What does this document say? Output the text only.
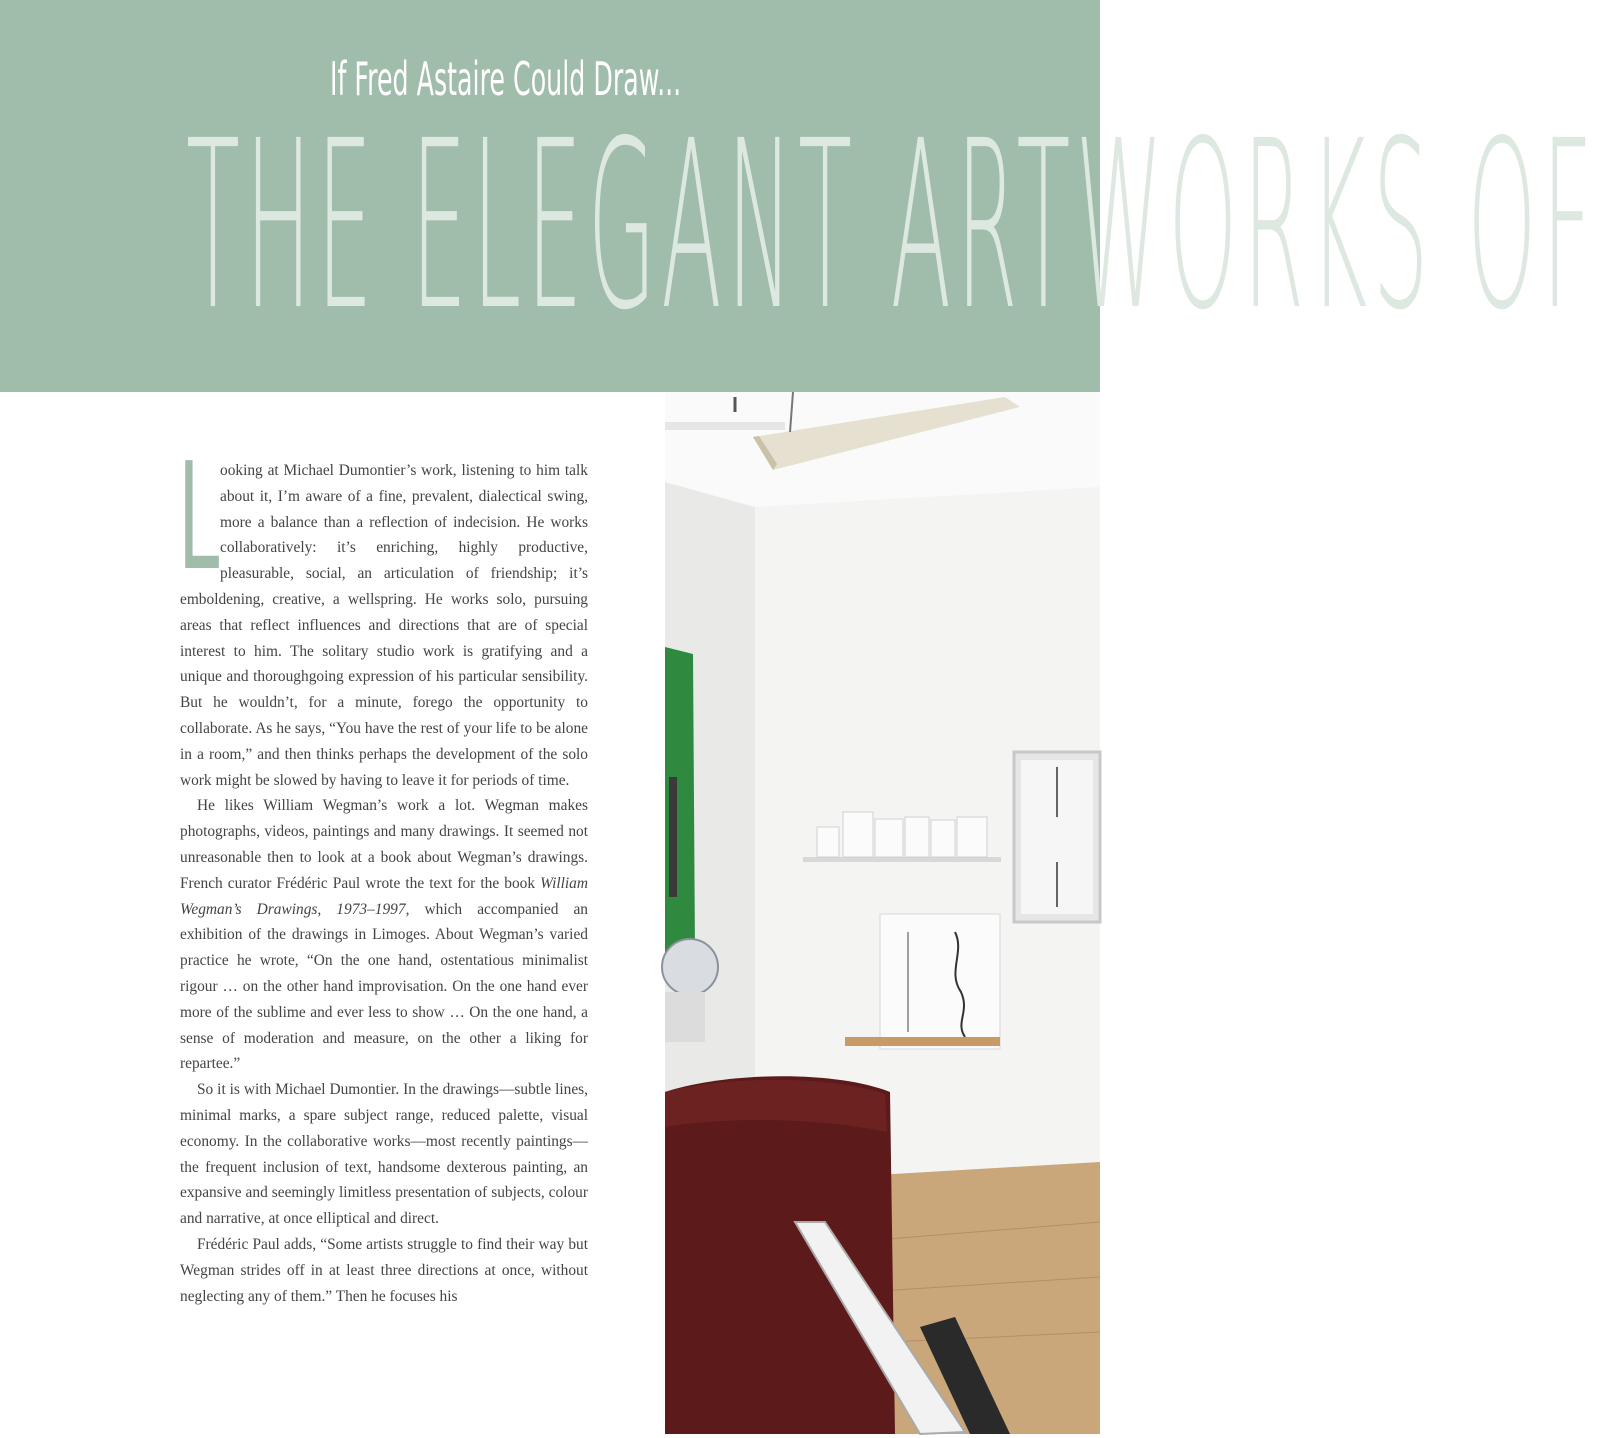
If Fred Astaire Could Draw...
THE ELEGANT ARTWORKS OF

Looking at Michael Dumontier’s work, listening to him talk about it, I’m aware of a fine, prevalent, dialectical swing, more a balance than a reflection of indecision. He works collaboratively: it’s enriching, highly productive, pleasurable, social, an articulation of friendship; it’s emboldening, creative, a wellspring. He works solo, pursuing areas that reflect influences and directions that are of special interest to him. The solitary studio work is gratifying and a unique and thoroughgoing expression of his particular sensibility. But he wouldn’t, for a minute, forego the opportunity to collaborate. As he says, “You have the rest of your life to be alone in a room,” and then thinks perhaps the development of the solo work might be slowed by having to leave it for periods of time.

He likes William Wegman’s work a lot. Wegman makes photographs, videos, paintings and many drawings. It seemed not unreasonable then to look at a book about Wegman’s drawings. French curator Frédéric Paul wrote the text for the book William Wegman’s Drawings, 1973–1997, which accompanied an exhibition of the drawings in Limoges. About Wegman’s varied practice he wrote, “On the one hand, ostentatious minimalist rigour … on the other hand improvisation. On the one hand ever more of the sublime and ever less to show … On the one hand, a sense of moderation and measure, on the other a liking for repartee.”

So it is with Michael Dumontier. In the drawings—subtle lines, minimal marks, a spare subject range, reduced palette, visual economy. In the collaborative works—most recently paintings—the frequent inclusion of text, handsome dexterous painting, an expansive and seemingly limitless presentation of subjects, colour and narrative, at once elliptical and direct.

Frédéric Paul adds, “Some artists struggle to find their way but Wegman strides off in at least three directions at once, without neglecting any of them.” Then he focuses his
